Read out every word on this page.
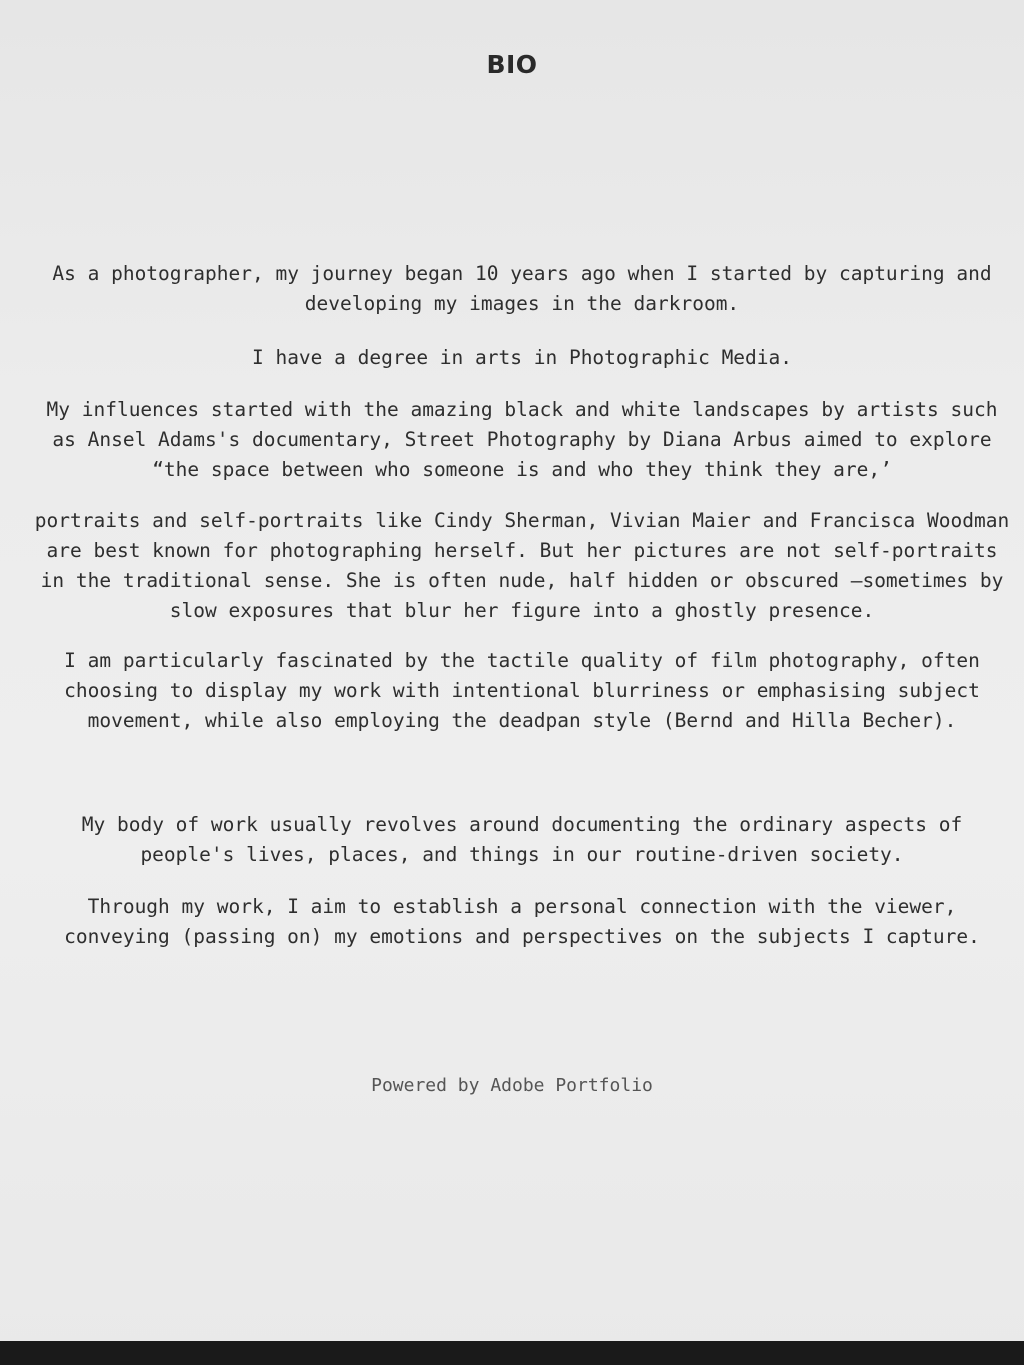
BIO

As a photographer, my journey began 10 years ago when I started by capturing and developing my images in the darkroom.

I have a degree in arts in Photographic Media.

My influences started with the amazing black and white landscapes by artists such as Ansel Adams's documentary, Street Photography by Diana Arbus aimed to explore “the space between who someone is and who they think they are,’

portraits and self-portraits like Cindy Sherman, Vivian Maier and Francisca Woodman are best known for photographing herself. But her pictures are not self-portraits in the traditional sense. She is often nude, half hidden or obscured –sometimes by slow exposures that blur her figure into a ghostly presence.

I am particularly fascinated by the tactile quality of film photography, often choosing to display my work with intentional blurriness or emphasising subject movement, while also employing the deadpan style (Bernd and Hilla Becher).

My body of work usually revolves around documenting the ordinary aspects of people's lives, places, and things in our routine-driven society.

Through my work, I aim to establish a personal connection with the viewer, conveying (passing on) my emotions and perspectives on the subjects I capture.

Powered by Adobe Portfolio
